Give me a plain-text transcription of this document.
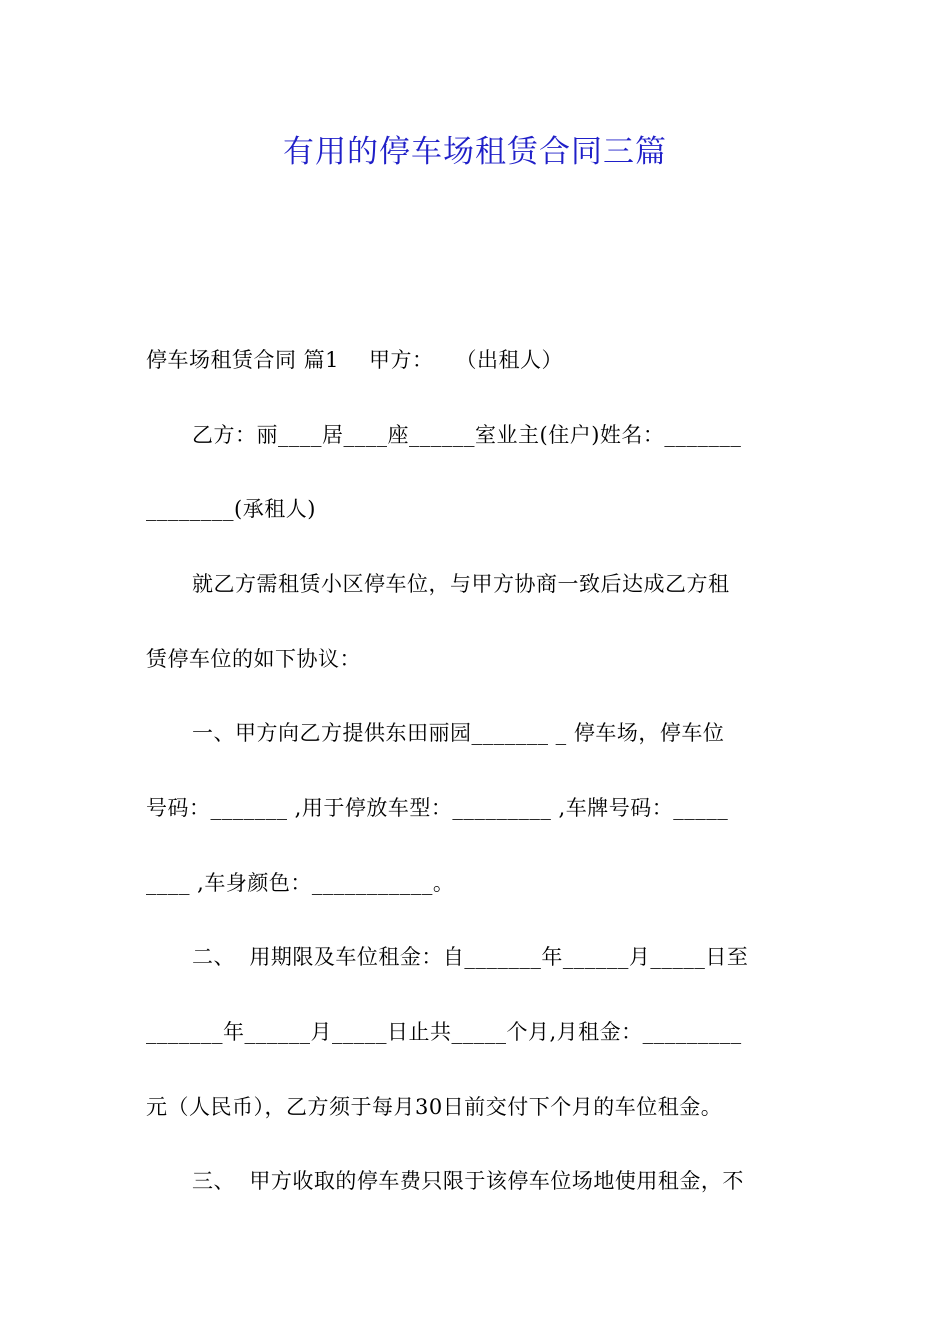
有用的停车场租赁合同三篇
停车场租赁合同 篇1 甲方： （出租人）
乙方：丽____居____座______室业主(住户)姓名：_______
________(承租人)
就乙方需租赁小区停车位，与甲方协商一致后达成乙方租
赁停车位的如下协议：
一、甲方向乙方提供东田丽园_______ _ 停车场，停车位
号码：_______ ,用于停放车型：_________ ,车牌号码：_____
____ ,车身颜色：___________。
二、  用期限及车位租金：自_______年______月_____日至
_______年______月_____日止共_____个月,月租金：_________
元（人民币），乙方须于每月30日前交付下个月的车位租金。
三、  甲方收取的停车费只限于该停车位场地使用租金，不
